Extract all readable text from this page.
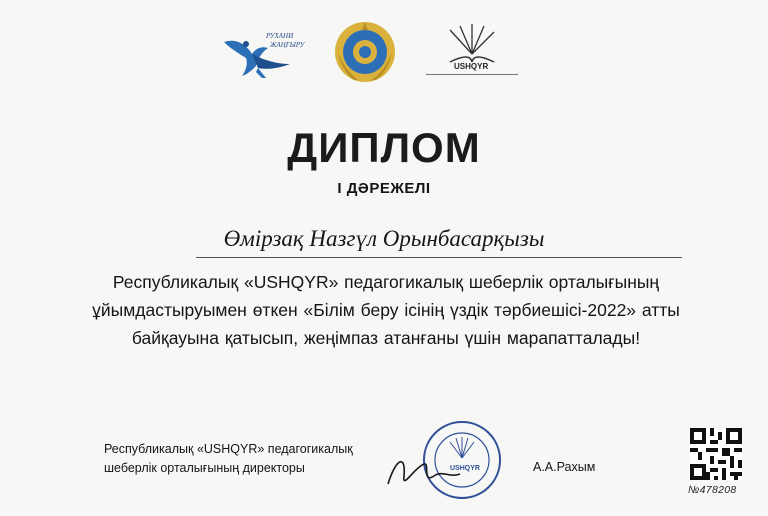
РУХАНИ
ЖАҢҒЫРУ
USHQYR
ДИПЛОМ
І ДӘРЕЖЕЛІ
Өмірзақ Назгүл Орынбасарқызы
Республикалық «USHQYR» педагогикалық шеберлік орталығының
ұйымдастыруымен өткен «Білім беру ісінің үздік тәрбиешісі-2022» атты
байқауына қатысып, жеңімпаз атанғаны үшін марапатталады!
Республикалық «USHQYR» педагогикалық
шеберлік орталығының директоры	USHQYR	А.А.Рахым
№478208
